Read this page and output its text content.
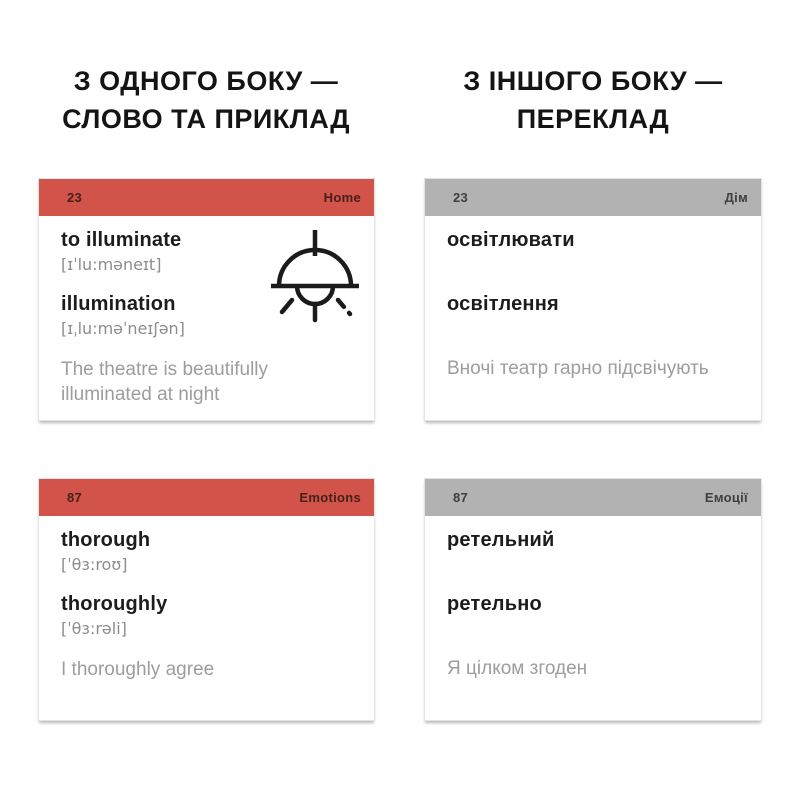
З ОДНОГО БОКУ —
СЛОВО ТА ПРИКЛАД
З ІНШОГО БОКУ —
ПЕРЕКЛАД
23	Home
to illuminate
[ɪˈlu:məneɪt]
illumination
[ɪˌlu:məˈneɪʃən]
The theatre is beautifully illuminated at night
23	Дім
освітлювати
освітлення
Вночі театр гарно підсвічують
87	Emotions
thorough
[ˈθɜ:roʊ]
thoroughly
[ˈθɜ:rəli]
I thoroughly agree
87	Емоції
ретельний
ретельно
Я цілком згоден
